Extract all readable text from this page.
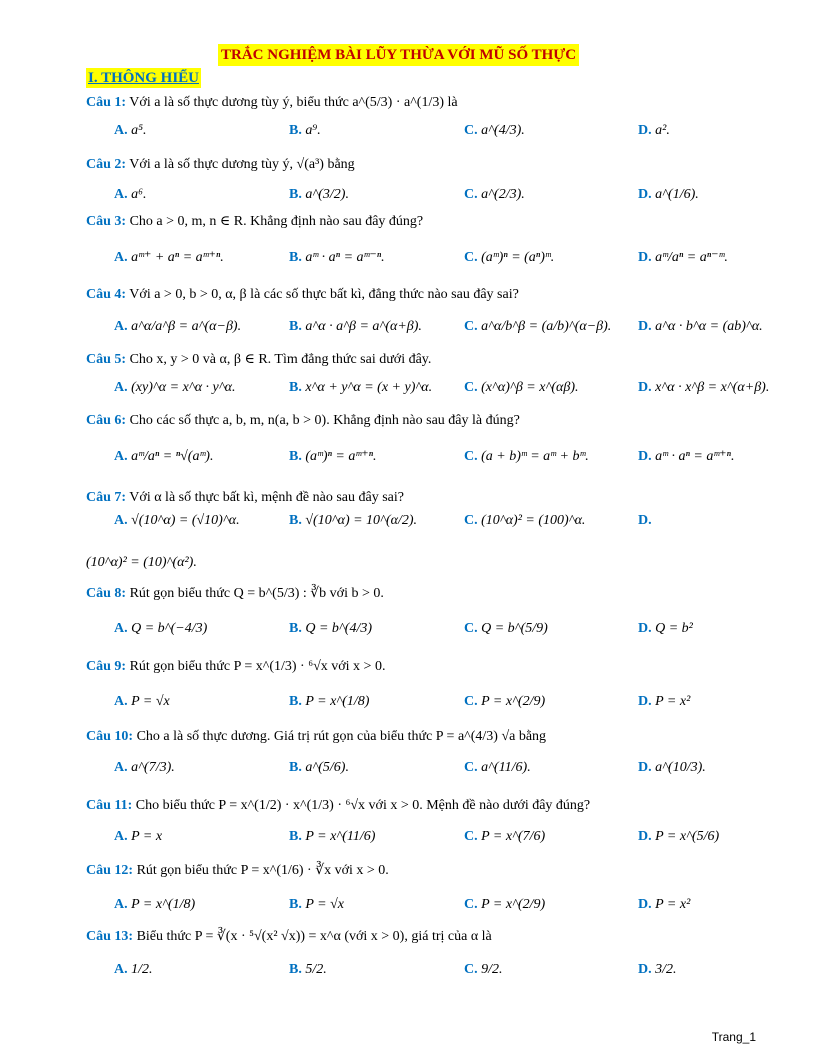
TRẮC NGHIỆM BÀI LŨY THỪA VỚI MŨ SỐ THỰC
I. THÔNG HIỂU
Câu 1: Với a là số thực dương tùy ý, biểu thức a^(5/3) · a^(1/3) là
A. a⁵.	B. a⁹.	C. a^(4/3).	D. a².
Câu 2: Với a là số thực dương tùy ý, √(a³) bằng
A. a⁶.	B. a^(3/2).	C. a^(2/3).	D. a^(1/6).
Câu 3: Cho a > 0, m, n ∈ R. Khẳng định nào sau đây đúng?
A. aᵐ⁺ + aⁿ = aᵐ⁺ⁿ.	B. aᵐ · aⁿ = aᵐ⁻ⁿ.	C. (aᵐ)ⁿ = (aⁿ)ᵐ.	D. aᵐ/aⁿ = aⁿ⁻ᵐ.
Câu 4: Với a > 0, b > 0, α, β là các số thực bất kì, đẳng thức nào sau đây sai?
A. a^α/a^β = a^(α−β).	B. a^α · a^β = a^(α+β).	C. a^α/b^β = (a/b)^(α−β). D. a^α · b^α = (ab)^α.
Câu 5: Cho x, y > 0 và α, β ∈ R. Tìm đẳng thức sai dưới đây.
A. (xy)^α = x^α · y^α.	B. x^α + y^α = (x + y)^α. C. (x^α)^β = x^(αβ).	D. x^α · x^β = x^(α+β).
Câu 6: Cho các số thực a, b, m, n(a, b > 0). Khẳng định nào sau đây là đúng?
A. aᵐ/aⁿ = ⁿ√(aᵐ).	B. (aᵐ)ⁿ = aᵐ⁺ⁿ.	C. (a + b)ᵐ = aᵐ + bᵐ.	D. aᵐ · aⁿ = aᵐ⁺ⁿ.
Câu 7: Với α là số thực bất kì, mệnh đề nào sau đây sai?
A. √(10^α) = (√10)^α.	B. √(10^α) = 10^(α/2).	C. (10^α)² = (100)^α.	D.
(10^α)² = (10)^(α²).
Câu 8: Rút gọn biểu thức Q = b^(5/3) : ∛b với b > 0.
A. Q = b^(−4/3)	B. Q = b^(4/3)	C. Q = b^(5/9)	D. Q = b²
Câu 9: Rút gọn biểu thức P = x^(1/3) · ⁶√x với x > 0.
A. P = √x	B. P = x^(1/8)	C. P = x^(2/9)	D. P = x²
Câu 10: Cho a là số thực dương. Giá trị rút gọn của biểu thức P = a^(4/3) √a bằng
A. a^(7/3).	B. a^(5/6).	C. a^(11/6).	D. a^(10/3).
Câu 11: Cho biểu thức P = x^(1/2) · x^(1/3) · ⁶√x với x > 0. Mệnh đề nào dưới đây đúng?
A. P = x	B. P = x^(11/6)	C. P = x^(7/6)	D. P = x^(5/6)
Câu 12: Rút gọn biểu thức P = x^(1/6) · ∛x với x > 0.
A. P = x^(1/8)	B. P = √x	C. P = x^(2/9)	D. P = x²
Câu 13: Biểu thức P = ∛(x · ⁵√(x² √x)) = x^α (với x > 0), giá trị của α là
A. 1/2.	B. 5/2.	C. 9/2.	D. 3/2.
Trang_1
